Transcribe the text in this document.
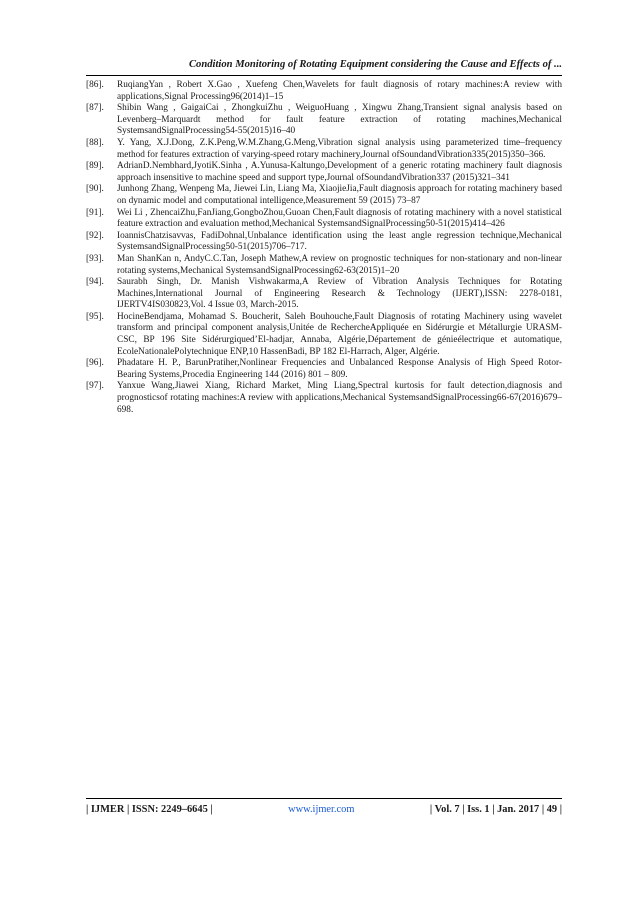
Condition Monitoring of Rotating Equipment considering the Cause and Effects of ...
[86].	RuqiangYan , Robert X.Gao , Xuefeng Chen,Wavelets for fault diagnosis of rotary machines:A review with applications,Signal Processing96(2014)1–15
[87].	Shibin Wang , GaigaiCai , ZhongkuiZhu , WeiguoHuang , Xingwu Zhang,Transient signal analysis based on Levenberg–Marquardt method for fault feature extraction of rotating machines,Mechanical SystemsandSignalProcessing54-55(2015)16–40
[88].	Y. Yang, X.J.Dong, Z.K.Peng,W.M.Zhang,G.Meng,Vibration signal analysis using parameterized time–frequency method for features extraction of varying-speed rotary machinery,Journal ofSoundandVibration335(2015)350–366.
[89].	AdrianD.Nembhard,JyotiK.Sinha , A.Yunusa-Kaltungo,Development of a generic rotating machinery fault diagnosis approach insensitive to machine speed and support type,Journal ofSoundandVibration337 (2015)321–341
[90].	Junhong Zhang, Wenpeng Ma, Jiewei Lin, Liang Ma, XiaojieJia,Fault diagnosis approach for rotating machinery based on dynamic model and computational intelligence,Measurement 59 (2015) 73–87
[91].	Wei Li , ZhencaiZhu,FanJiang,GongboZhou,Guoan Chen,Fault diagnosis of rotating machinery with a novel statistical feature extraction and evaluation method,Mechanical SystemsandSignalProcessing50-51(2015)414–426
[92].	IoannisChatzisavvas, FadiDohnal,Unbalance identification using the least angle regression technique,Mechanical SystemsandSignalProcessing50-51(2015)706–717.
[93].	Man ShanKan n, AndyC.C.Tan, Joseph Mathew,A review on prognostic techniques for non-stationary and non-linear rotating systems,Mechanical SystemsandSignalProcessing62-63(2015)1–20
[94].	Saurabh Singh, Dr. Manish Vishwakarma,A Review of Vibration Analysis Techniques for Rotating Machines,International Journal of Engineering Research & Technology (IJERT),ISSN: 2278-0181, IJERTV4IS030823,Vol. 4 Issue 03, March-2015.
[95].	HocineBendjama, Mohamad S. Boucherit, Saleh Bouhouche,Fault Diagnosis of rotating Machinery using wavelet transform and principal component analysis,Unitée de RechercheAppliquée en Sidérurgie et Métallurgie URASM-CSC, BP 196 Site Sidérurgiqued’El-hadjar, Annaba, Algérie,Département de génieélectrique et automatique, EcoleNationalePolytechnique ENP,10 HassenBadi, BP 182 El-Harrach, Alger, Algérie.
[96].	Phadatare H. P., BarunPratiher,Nonlinear Frequencies and Unbalanced Response Analysis of High Speed Rotor-Bearing Systems,Procedia Engineering 144 (2016) 801 – 809.
[97].	Yanxue Wang,Jiawei Xiang, Richard Market, Ming Liang,Spectral kurtosis for fault detection,diagnosis and prognosticsof rotating machines:A review with applications,Mechanical SystemsandSignalProcessing66-67(2016)679–698.
| IJMER | ISSN: 2249–6645 |	www.ijmer.com	| Vol. 7 | Iss. 1 | Jan. 2017 | 49 |
